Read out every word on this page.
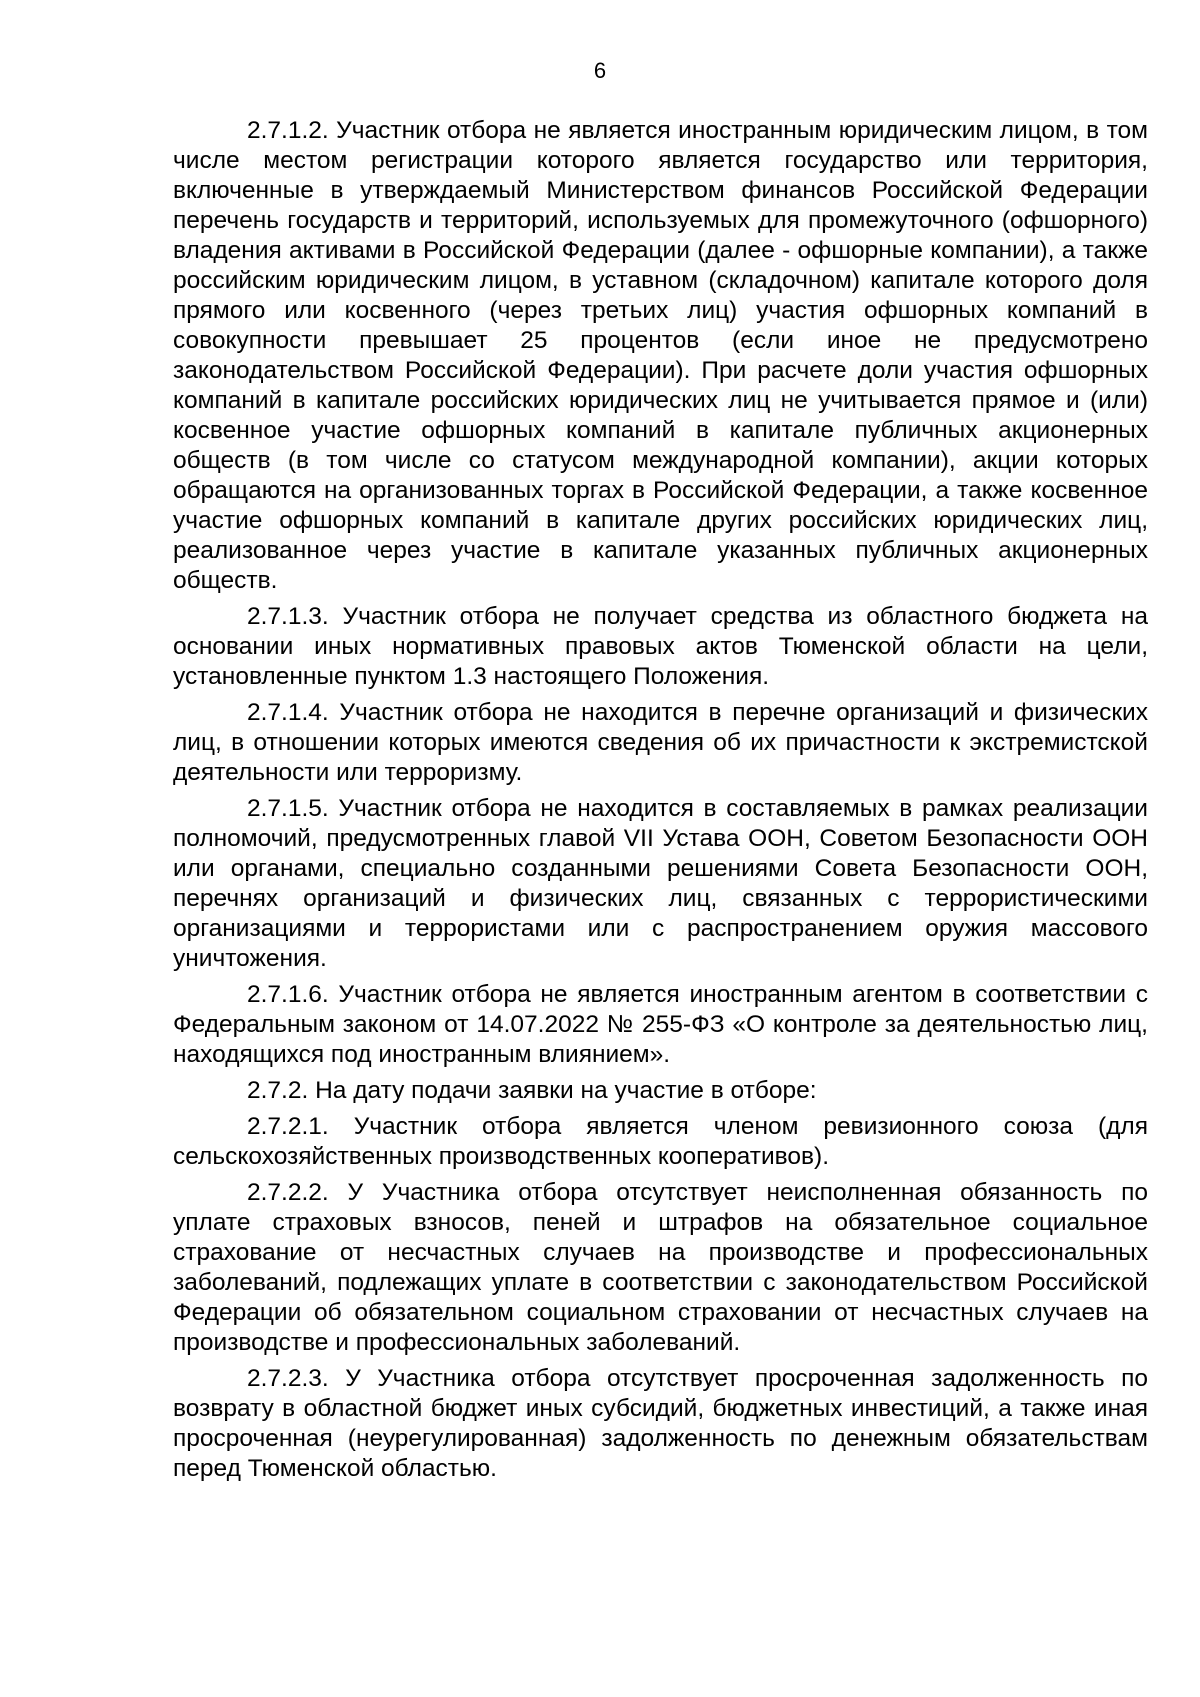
6

2.7.1.2. Участник отбора не является иностранным юридическим лицом, в том числе местом регистрации которого является государство или территория, включенные в утверждаемый Министерством финансов Российской Федерации перечень государств и территорий, используемых для промежуточного (офшорного) владения активами в Российской Федерации (далее - офшорные компании), а также российским юридическим лицом, в уставном (складочном) капитале которого доля прямого или косвенного (через третьих лиц) участия офшорных компаний в совокупности превышает 25 процентов (если иное не предусмотрено законодательством Российской Федерации). При расчете доли участия офшорных компаний в капитале российских юридических лиц не учитывается прямое и (или) косвенное участие офшорных компаний в капитале публичных акционерных обществ (в том числе со статусом международной компании), акции которых обращаются на организованных торгах в Российской Федерации, а также косвенное участие офшорных компаний в капитале других российских юридических лиц, реализованное через участие в капитале указанных публичных акционерных обществ.

2.7.1.3. Участник отбора не получает средства из областного бюджета на основании иных нормативных правовых актов Тюменской области на цели, установленные пунктом 1.3 настоящего Положения.

2.7.1.4. Участник отбора не находится в перечне организаций и физических лиц, в отношении которых имеются сведения об их причастности к экстремистской деятельности или терроризму.

2.7.1.5. Участник отбора не находится в составляемых в рамках реализации полномочий, предусмотренных главой VII Устава ООН, Советом Безопасности ООН или органами, специально созданными решениями Совета Безопасности ООН, перечнях организаций и физических лиц, связанных с террористическими организациями и террористами или с распространением оружия массового уничтожения.

2.7.1.6. Участник отбора не является иностранным агентом в соответствии с Федеральным законом от 14.07.2022 № 255-ФЗ «О контроле за деятельностью лиц, находящихся под иностранным влиянием».

2.7.2. На дату подачи заявки на участие в отборе:

2.7.2.1. Участник отбора является членом ревизионного союза (для сельскохозяйственных производственных кооперативов).

2.7.2.2. У Участника отбора отсутствует неисполненная обязанность по уплате страховых взносов, пеней и штрафов на обязательное социальное страхование от несчастных случаев на производстве и профессиональных заболеваний, подлежащих уплате в соответствии с законодательством Российской Федерации об обязательном социальном страховании от несчастных случаев на производстве и профессиональных заболеваний.

2.7.2.3. У Участника отбора отсутствует просроченная задолженность по возврату в областной бюджет иных субсидий, бюджетных инвестиций, а также иная просроченная (неурегулированная) задолженность по денежным обязательствам перед Тюменской областью.
